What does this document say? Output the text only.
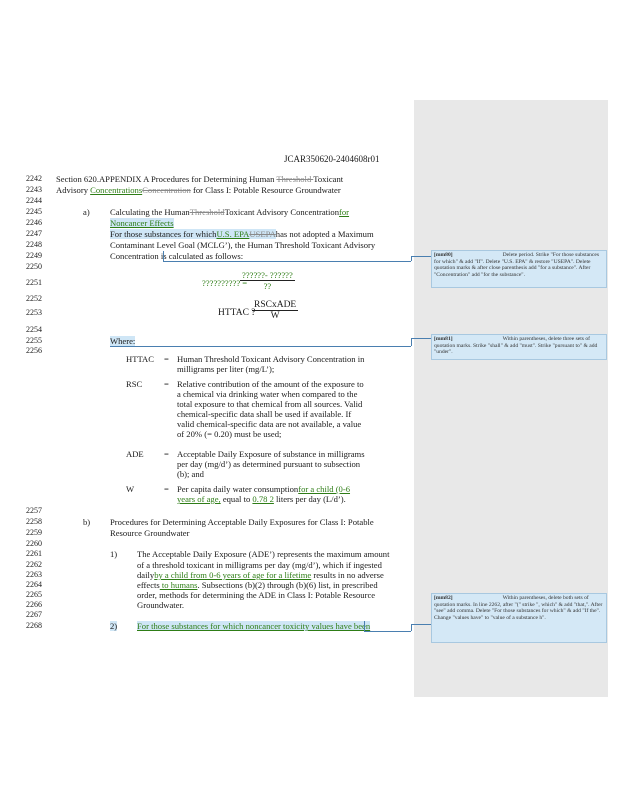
JCAR350620-2404608r01
2242
2243
2244
2245
2246
2247
2248
2249
2250
2251
2252
2253
2254
2255
2256
2257
2258
2259
2260
2261
2262
2263
2264
2265
2266
2267
2268
Section 620.APPENDIX A Procedures for Determining Human Threshold Toxicant
Advisory ConcentrationsConcentration for Class I: Potable Resource Groundwater
a) Calculating the HumanThresholdToxicant Advisory Concentrationfor
Noncancer Effects
For those substances for whichU.S. EPAUSEPAhas not adopted a Maximum
Contaminant Level Goal (MCLG’), the Human Threshold Toxicant Advisory
Concentration is calculated as follows:
?????????? =
??????- ??????
??
HTTAC ?
RSCxADE
W
Where:
HTTAC = Human Threshold Toxicant Advisory Concentration in
milligrams per liter (mg/L’);
RSC	= Relative contribution of the amount of the exposure to
a chemical via drinking water when compared to the
total exposure to that chemical from all sources. Valid
chemical-specific data shall be used if available. If
valid chemical-specific data are not available, a value
of 20% (= 0.20) must be used;
ADE = Acceptable Daily Exposure of substance in milligrams
per day (mg/d’) as determined pursuant to subsection
(b); and
W	= Per capita daily water consumptionfor a child (0-6
years of age, equal to 0.78 2 liters per day (L/d’).
b) Procedures for Determining Acceptable Daily Exposures for Class I: Potable
Resource Groundwater
1) The Acceptable Daily Exposure (ADE’) represents the maximum amount
of a threshold toxicant in milligrams per day (mg/d’), which if ingested
dailyby a child from 0-6 years of age for a lifetime results in no adverse
effects to humans. Subsections (b)(2) through (b)(6) list, in prescribed
order, methods for determining the ADE in Class I: Potable Resource
Groundwater.
2) For those substances for which noncancer toxicity values have been
[mm80]	Delete period. Strike "For those substances for which" & add "If". Delete "U.S. EPA" & restore "USEPA". Delete quotation marks & after close parenthesis add "for a substance". After "Concentration" add "for the substance".
[mm81]	Within parentheses, delete three sets of quotation marks. Strike "shall" & add "must". Strike "pursuant to" & add "under".
[mm82]	Within parentheses, delete both sets of quotation marks. In line 2262, after "(" strike ", which" & add "that,". After "see" add comma. Delete "For those substances for which" & add "If the". Change "values have" to "value of a substance h".
